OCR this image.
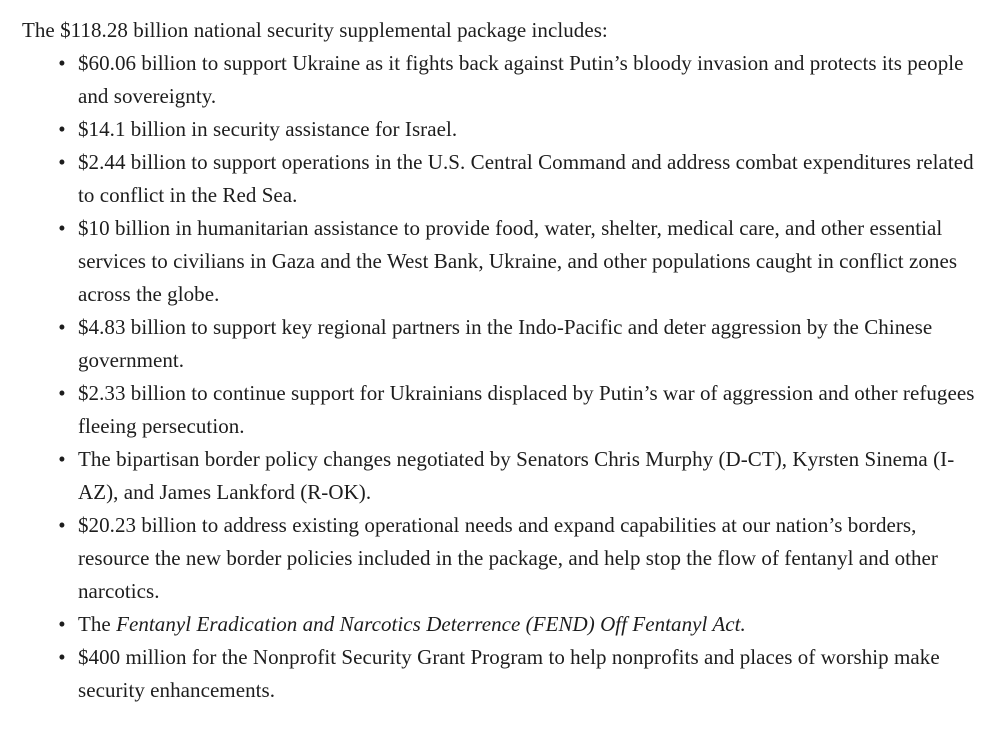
The $118.28 billion national security supplemental package includes:

• $60.06 billion to support Ukraine as it fights back against Putin’s bloody invasion and protects its people and sovereignty.
• $14.1 billion in security assistance for Israel.
• $2.44 billion to support operations in the U.S. Central Command and address combat expenditures related to conflict in the Red Sea.
• $10 billion in humanitarian assistance to provide food, water, shelter, medical care, and other essential services to civilians in Gaza and the West Bank, Ukraine, and other populations caught in conflict zones across the globe.
• $4.83 billion to support key regional partners in the Indo-Pacific and deter aggression by the Chinese government.
• $2.33 billion to continue support for Ukrainians displaced by Putin’s war of aggression and other refugees fleeing persecution.
• The bipartisan border policy changes negotiated by Senators Chris Murphy (D-CT), Kyrsten Sinema (I-AZ), and James Lankford (R-OK).
• $20.23 billion to address existing operational needs and expand capabilities at our nation’s borders, resource the new border policies included in the package, and help stop the flow of fentanyl and other narcotics.
• The Fentanyl Eradication and Narcotics Deterrence (FEND) Off Fentanyl Act.
• $400 million for the Nonprofit Security Grant Program to help nonprofits and places of worship make security enhancements.
